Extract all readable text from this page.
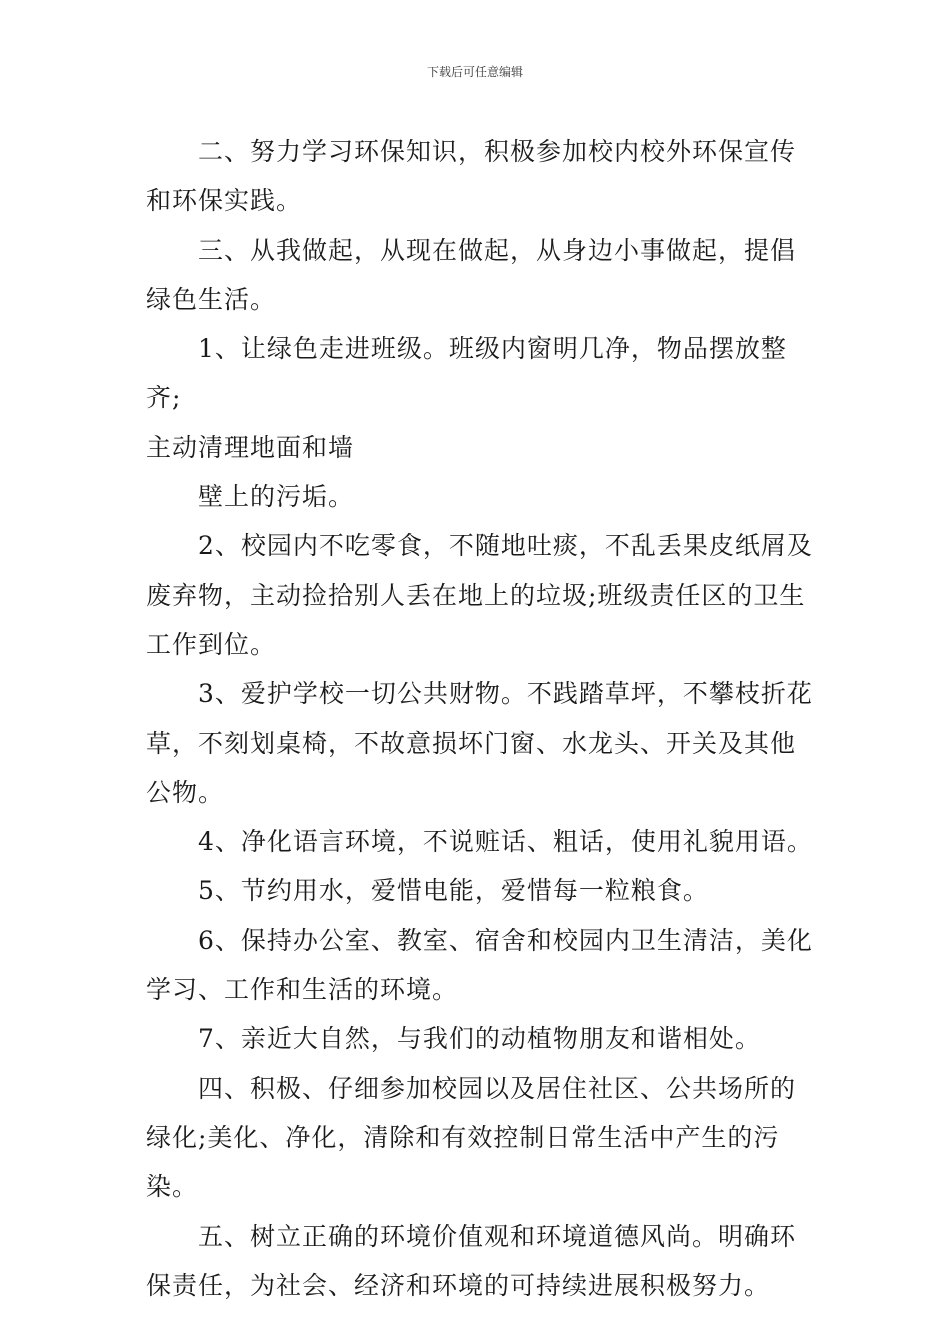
下载后可任意编辑

二、努力学习环保知识，积极参加校内校外环保宣传和环保实践。

三、从我做起，从现在做起，从身边小事做起，提倡绿色生活。

1、让绿色走进班级。班级内窗明几净，物品摆放整齐;

主动清理地面和墙

壁上的污垢。

2、校园内不吃零食，不随地吐痰，不乱丢果皮纸屑及废弃物，主动捡拾别人丢在地上的垃圾;班级责任区的卫生工作到位。

3、爱护学校一切公共财物。不践踏草坪，不攀枝折花草，不刻划桌椅，不故意损坏门窗、水龙头、开关及其他公物。

4、净化语言环境，不说赃话、粗话，使用礼貌用语。

5、节约用水，爱惜电能，爱惜每一粒粮食。

6、保持办公室、教室、宿舍和校园内卫生清洁，美化学习、工作和生活的环境。

7、亲近大自然，与我们的动植物朋友和谐相处。

四、积极、仔细参加校园以及居住社区、公共场所的绿化;美化、净化，清除和有效控制日常生活中产生的污染。

五、树立正确的环境价值观和环境道德风尚。明确环保责任，为社会、经济和环境的可持续进展积极努力。
